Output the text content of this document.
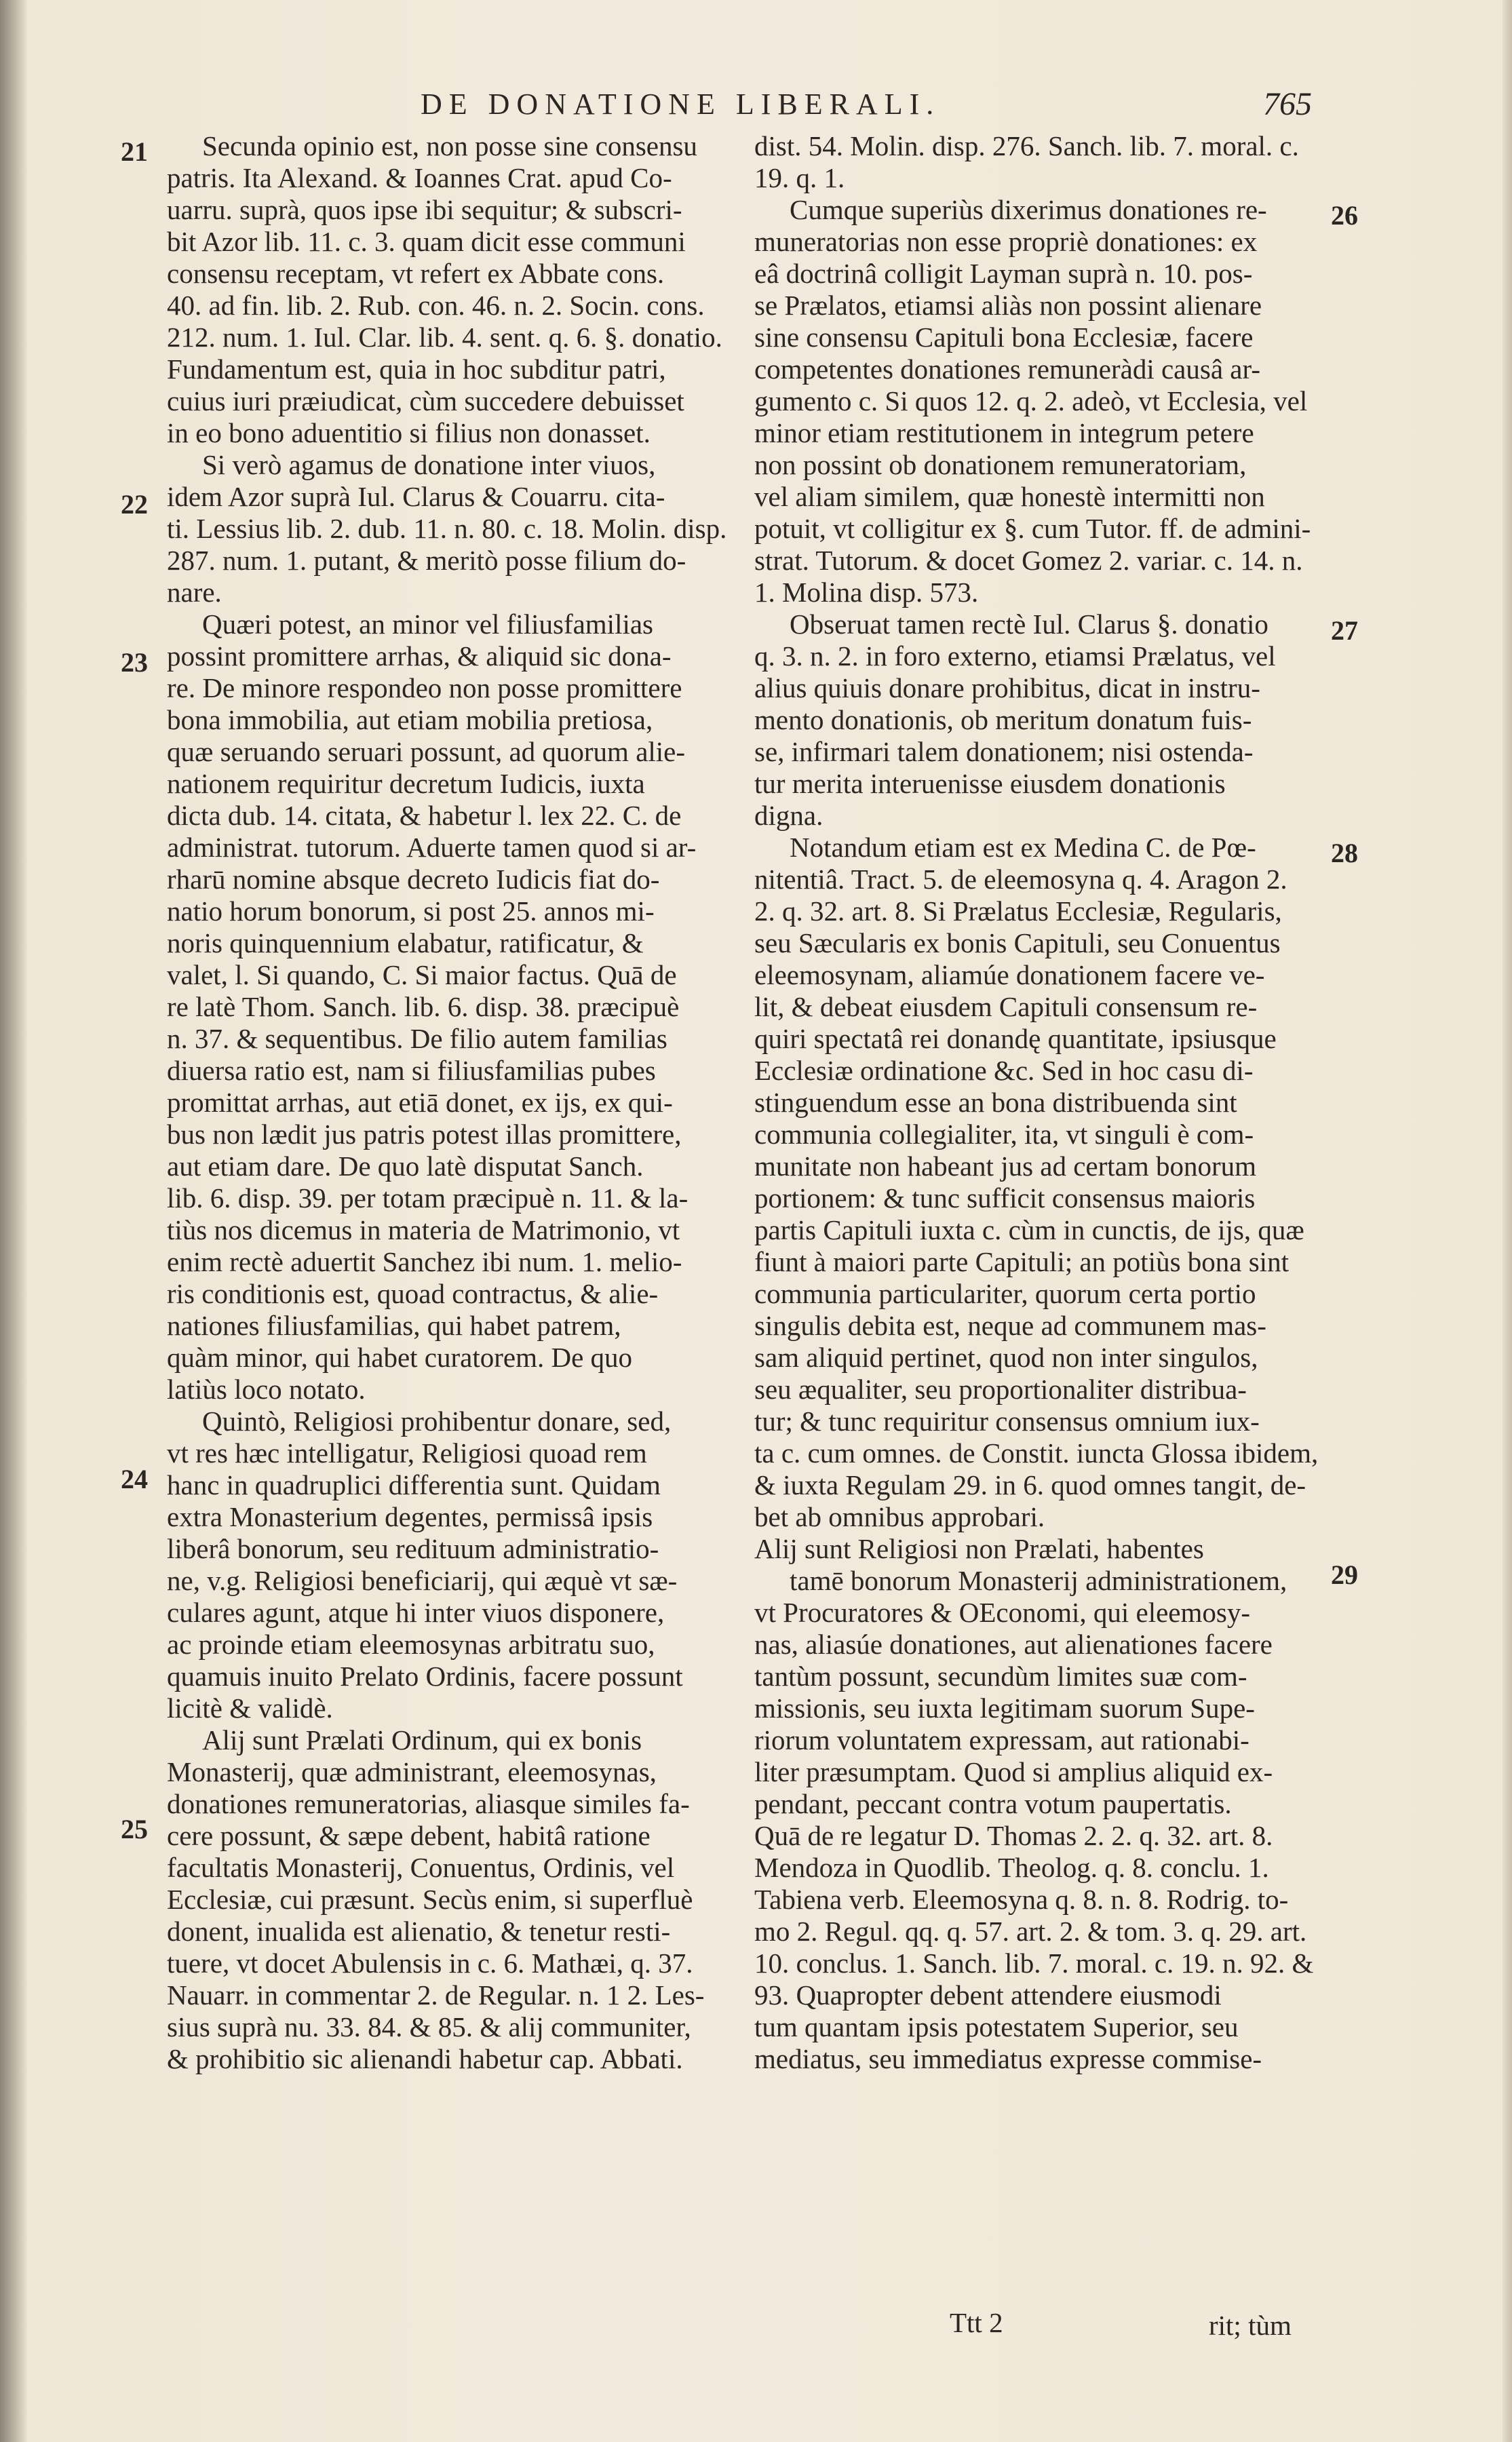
DE DONATIONE LIBERALI.	765
Secunda opinio est, non posse sine consensu
patris. Ita Alexand. & Ioannes Crat. apud Co-
uarru. suprà, quos ipse ibi sequitur; & subscri-
bit Azor lib. 11. c. 3. quam dicit esse communi
consensu receptam, vt refert ex Abbate cons.
40. ad fin. lib. 2. Rub. con. 46. n. 2. Socin. cons.
212. num. 1. Iul. Clar. lib. 4. sent. q. 6. §. donatio.
Fundamentum est, quia in hoc subditur patri,
cuius iuri præiudicat, cùm succedere debuisset
in eo bono aduentitio si filius non donasset.
Si verò agamus de donatione inter viuos,
idem Azor suprà Iul. Clarus & Couarru. cita-
ti. Lessius lib. 2. dub. 11. n. 80. c. 18. Molin. disp.
287. num. 1. putant, & meritò posse filium do-
nare.
Quæri potest, an minor vel filiusfamilias
possint promittere arrhas, & aliquid sic dona-
re. De minore respondeo non posse promittere
bona immobilia, aut etiam mobilia pretiosa,
quæ seruando seruari possunt, ad quorum alie-
nationem requiritur decretum Iudicis, iuxta
dicta dub. 14. citata, & habetur l. lex 22. C. de
administrat. tutorum. Aduerte tamen quod si ar-
rharū nomine absque decreto Iudicis fiat do-
natio horum bonorum, si post 25. annos mi-
noris quinquennium elabatur, ratificatur, &
valet, l. Si quando, C. Si maior factus. Quā de
re latè Thom. Sanch. lib. 6. disp. 38. præcipuè
n. 37. & sequentibus. De filio autem familias
diuersa ratio est, nam si filiusfamilias pubes
promittat arrhas, aut etiā donet, ex ijs, ex qui-
bus non lædit jus patris potest illas promittere,
aut etiam dare. De quo latè disputat Sanch.
lib. 6. disp. 39. per totam præcipuè n. 11. & la-
tiùs nos dicemus in materia de Matrimonio, vt
enim rectè aduertit Sanchez ibi num. 1. melio-
ris conditionis est, quoad contractus, & alie-
nationes filiusfamilias, qui habet patrem,
quàm minor, qui habet curatorem. De quo
latiùs loco notato.
Quintò, Religiosi prohibentur donare, sed,
vt res hæc intelligatur, Religiosi quoad rem
hanc in quadruplici differentia sunt. Quidam
extra Monasterium degentes, permissâ ipsis
liberâ bonorum, seu redituum administratio-
ne, v.g. Religiosi beneficiarij, qui æquè vt sæ-
culares agunt, atque hi inter viuos disponere,
ac proinde etiam eleemosynas arbitratu suo,
quamuis inuito Prelato Ordinis, facere possunt
licitè & validè.
Alij sunt Prælati Ordinum, qui ex bonis
Monasterij, quæ administrant, eleemosynas,
donationes remuneratorias, aliasque similes fa-
cere possunt, & sæpe debent, habitâ ratione
facultatis Monasterij, Conuentus, Ordinis, vel
Ecclesiæ, cui præsunt. Secùs enim, si superfluè
donent, inualida est alienatio, & tenetur resti-
tuere, vt docet Abulensis in c. 6. Mathæi, q. 37.
Nauarr. in commentar 2. de Regular. n. 1 2. Les-
sius suprà nu. 33. 84. & 85. & alij communiter,
& prohibitio sic alienandi habetur cap. Abbati.
dist. 54. Molin. disp. 276. Sanch. lib. 7. moral. c.
19. q. 1.
Cumque superiùs dixerimus donationes re-
muneratorias non esse propriè donationes: ex
eâ doctrinâ colligit Layman suprà n. 10. pos-
se Prælatos, etiamsi aliàs non possint alienare
sine consensu Capituli bona Ecclesiæ, facere
competentes donationes remuneràdi causâ ar-
gumento c. Si quos 12. q. 2. adeò, vt Ecclesia, vel
minor etiam restitutionem in integrum petere
non possint ob donationem remuneratoriam,
vel aliam similem, quæ honestè intermitti non
potuit, vt colligitur ex §. cum Tutor. ff. de admini-
strat. Tutorum. & docet Gomez 2. variar. c. 14. n.
1. Molina disp. 573.
Obseruat tamen rectè Iul. Clarus §. donatio
q. 3. n. 2. in foro externo, etiamsi Prælatus, vel
alius quiuis donare prohibitus, dicat in instru-
mento donationis, ob meritum donatum fuis-
se, infirmari talem donationem; nisi ostenda-
tur merita interuenisse eiusdem donationis
digna.
Notandum etiam est ex Medina C. de Pœ-
nitentiâ. Tract. 5. de eleemosyna q. 4. Aragon 2.
2. q. 32. art. 8. Si Prælatus Ecclesiæ, Regularis,
seu Sæcularis ex bonis Capituli, seu Conuentus
eleemosynam, aliamúe donationem facere ve-
lit, & debeat eiusdem Capituli consensum re-
quiri spectatâ rei donandę quantitate, ipsiusque
Ecclesiæ ordinatione &c. Sed in hoc casu di-
stinguendum esse an bona distribuenda sint
communia collegialiter, ita, vt singuli è com-
munitate non habeant jus ad certam bonorum
portionem: & tunc sufficit consensus maioris
partis Capituli iuxta c. cùm in cunctis, de ijs, quæ
fiunt à maiori parte Capituli; an potiùs bona sint
communia particulariter, quorum certa portio
singulis debita est, neque ad communem mas-
sam aliquid pertinet, quod non inter singulos,
seu æqualiter, seu proportionaliter distribua-
tur; & tunc requiritur consensus omnium iux-
ta c. cum omnes. de Constit. iuncta Glossa ibidem,
& iuxta Regulam 29. in 6. quod omnes tangit, de-
bet ab omnibus approbari.
Alij sunt Religiosi non Prælati, habentes
tamē bonorum Monasterij administrationem,
vt Procuratores & OEconomi, qui eleemosy-
nas, aliasúe donationes, aut alienationes facere
tantùm possunt, secundùm limites suæ com-
missionis, seu iuxta legitimam suorum Supe-
riorum voluntatem expressam, aut rationabi-
liter præsumptam. Quod si amplius aliquid ex-
pendant, peccant contra votum paupertatis.
Quā de re legatur D. Thomas 2. 2. q. 32. art. 8.
Mendoza in Quodlib. Theolog. q. 8. conclu. 1.
Tabiena verb. Eleemosyna q. 8. n. 8. Rodrig. to-
mo 2. Regul. qq. q. 57. art. 2. & tom. 3. q. 29. art.
10. conclus. 1. Sanch. lib. 7. moral. c. 19. n. 92. &
93. Quapropter debent attendere eiusmodi
tum quantam ipsis potestatem Superior, seu
mediatus, seu immediatus expresse commise-
21
22
23
24
25
26
27
28
29
Ttt 2	rit; tùm
